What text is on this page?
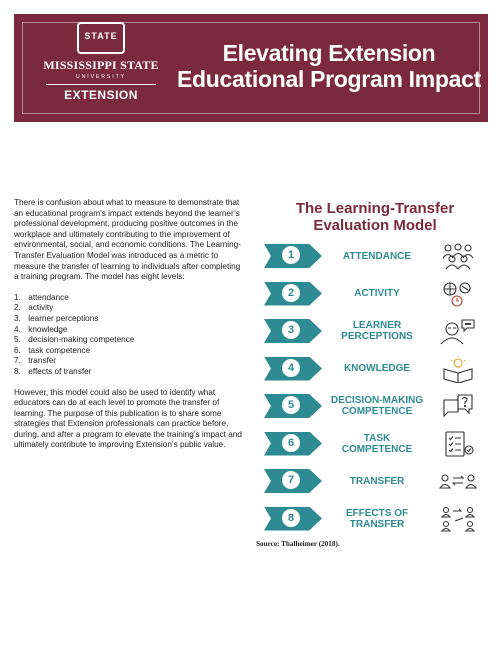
STATE
MISSISSIPPI STATE
UNIVERSITY
EXTENSION
Elevating Extension
Educational Program Impact

There is confusion about what to measure to demonstrate that an educational program’s impact extends beyond the learner’s professional development, producing positive outcomes in the workplace and ultimately contributing to the improvement of environmental, social, and economic conditions. The Learning-Transfer Evaluation Model was introduced as a metric to measure the transfer of learning to individuals after completing a training program. The model has eight levels:

1. attendance
2. activity
3. learner perceptions
4. knowledge
5. decision-making competence
6. task competence
7. transfer
8. effects of transfer

However, this model could also be used to identify what educators can do at each level to promote the transfer of learning. The purpose of this publication is to share some strategies that Extension professionals can practice before, during, and after a program to elevate the training’s impact and ultimately contribute to improving Extension’s public value.

The Learning-Transfer
Evaluation Model
1	ATTENDANCE
2	ACTIVITY
3	LEARNER
PERCEPTIONS
4	KNOWLEDGE
5	DECISION-MAKING
COMPETENCE
6	TASK
COMPETENCE
7	TRANSFER
8	EFFECTS OF
TRANSFER
Source: Thalheimer (2018).
